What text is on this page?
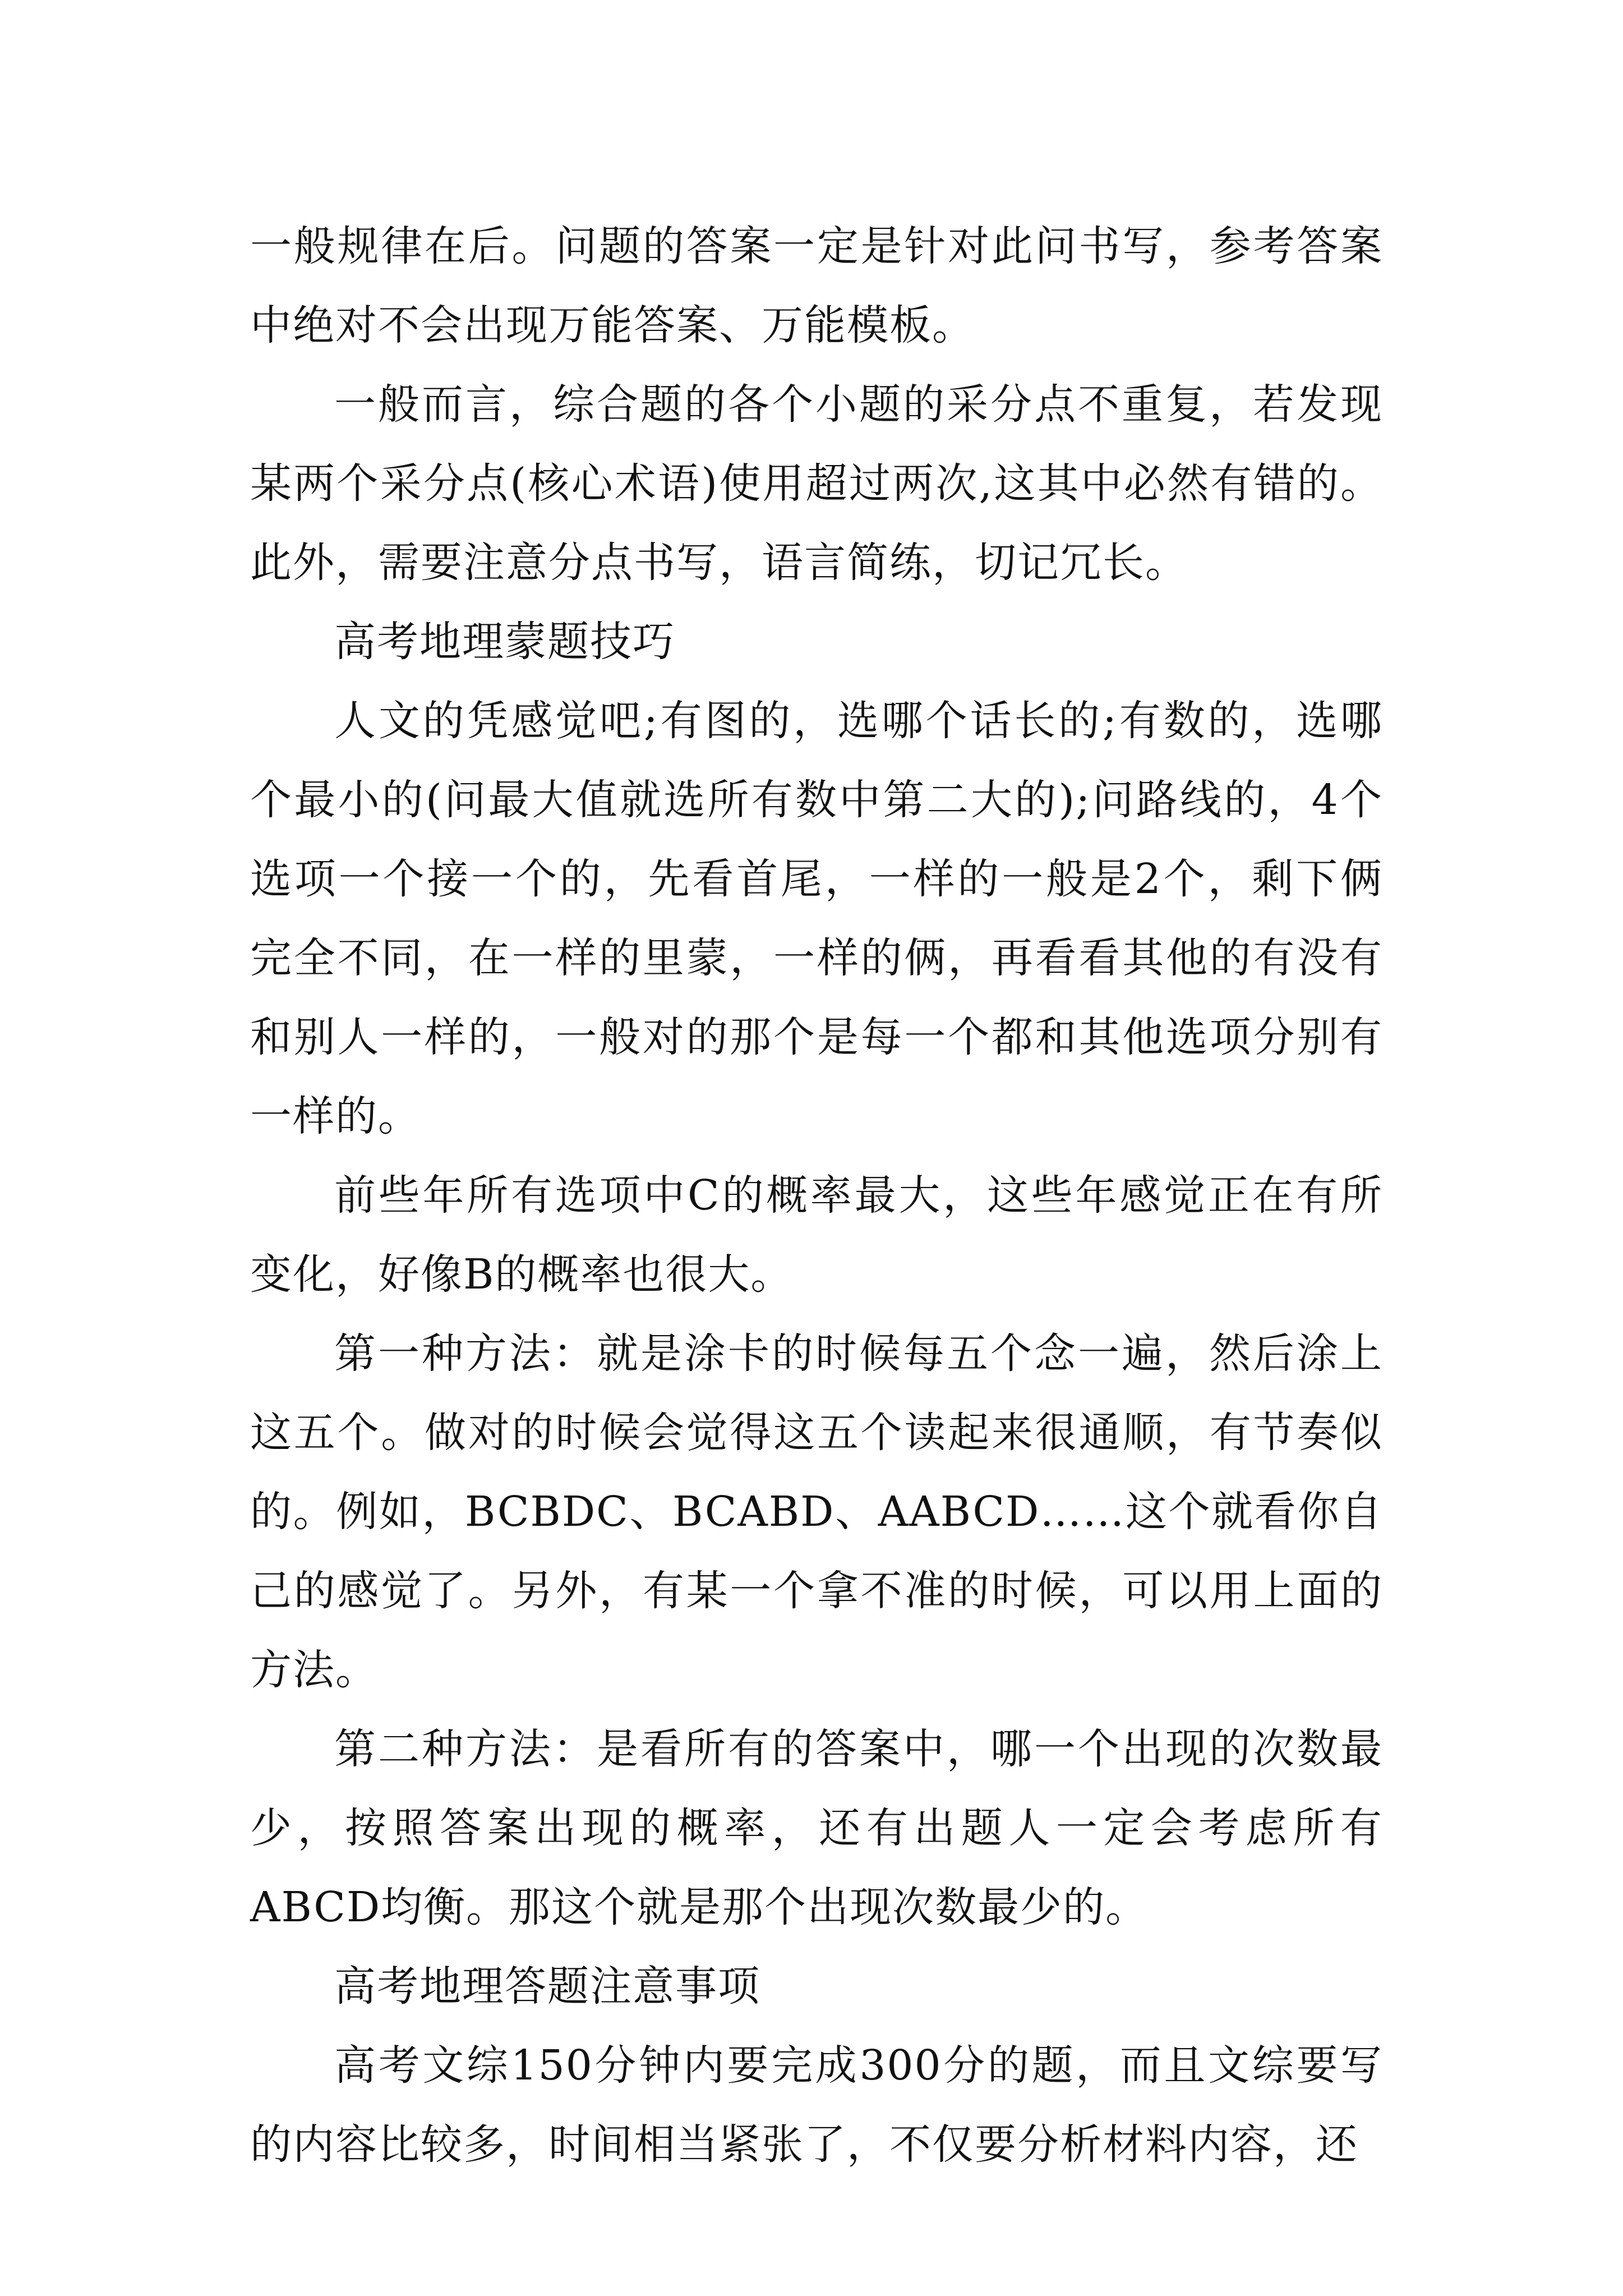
一般规律在后。问题的答案一定是针对此问书写，参考答案中绝对不会出现万能答案、万能模板。

一般而言，综合题的各个小题的采分点不重复，若发现某两个采分点(核心术语)使用超过两次,这其中必然有错的。此外，需要注意分点书写，语言简练，切记冗长。

高考地理蒙题技巧

人文的凭感觉吧;有图的，选哪个话长的;有数的，选哪个最小的(问最大值就选所有数中第二大的);问路线的，4个选项一个接一个的，先看首尾，一样的一般是2个，剩下俩完全不同，在一样的里蒙，一样的俩，再看看其他的有没有和别人一样的，一般对的那个是每一个都和其他选项分别有一样的。

前些年所有选项中C的概率最大，这些年感觉正在有所变化，好像B的概率也很大。

第一种方法：就是涂卡的时候每五个念一遍，然后涂上这五个。做对的时候会觉得这五个读起来很通顺，有节奏似的。例如，BCBDC、BCABD、AABCD……这个就看你自己的感觉了。另外，有某一个拿不准的时候，可以用上面的方法。

第二种方法：是看所有的答案中，哪一个出现的次数最少，按照答案出现的概率，还有出题人一定会考虑所有ABCD均衡。那这个就是那个出现次数最少的。

高考地理答题注意事项

高考文综150分钟内要完成300分的题，而且文综要写的内容比较多，时间相当紧张了，不仅要分析材料内容，还
